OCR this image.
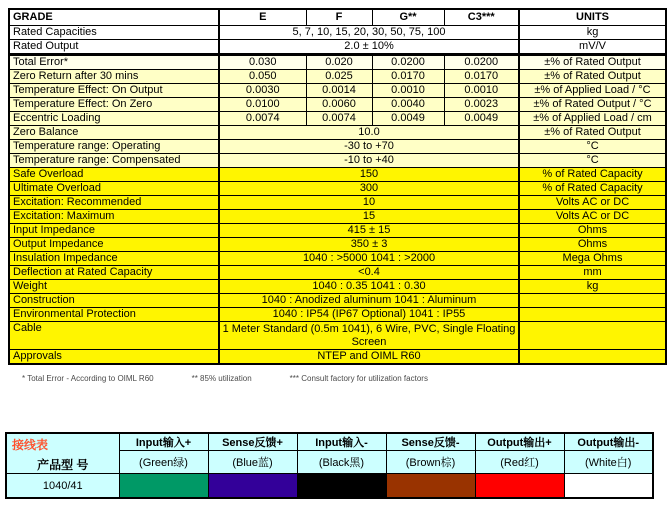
GRADE	E	F	G**	C3***	UNITS
Rated Capacities	5, 7, 10, 15, 20, 30, 50, 75, 100				kg
Rated Output	2.0 ± 10%				mV/V
Total Error*	0.030	0.020	0.0200	0.0200	±% of Rated Output
Zero Return after 30 mins	0.050	0.025	0.0170	0.0170	±% of Rated Output
Temperature Effect: On Output	0.0030	0.0014	0.0010	0.0010	±% of Applied Load / °C
Temperature Effect: On Zero	0.0100	0.0060	0.0040	0.0023	±% of Rated Output / °C
Eccentric Loading	0.0074	0.0074	0.0049	0.0049	±% of Applied Load / cm
Zero Balance	10.0				±% of Rated Output
Temperature range: Operating	-30 to +70				°C
Temperature range: Compensated	-10 to +40				°C
Safe Overload	150				% of Rated Capacity
Ultimate Overload	300				% of Rated Capacity
Excitation: Recommended	10				Volts AC or DC
Excitation: Maximum	15				Volts AC or DC
Input Impedance	415 ± 15				Ohms
Output Impedance	350 ± 3				Ohms
Insulation Impedance	1040 : >5000 1041 : >2000				Mega Ohms
Deflection at Rated Capacity	<0.4				mm
Weight	1040 : 0.35 1041 : 0.30				kg
Construction	1040 : Anodized aluminum 1041 : Aluminum				
Environmental Protection	1040 : IP54 (IP67 Optional) 1041 : IP55				
Cable	1 Meter Standard (0.5m 1041), 6 Wire, PVC, Single Floating Screen				
Approvals	NTEP and OIML R60				
* Total Error - According to OIML R60	** 85% utilization	*** Consult factory for utilization factors
接线表
产品型 号	Input输入+	Sense反馈+	Input输入-	Sense反馈-	Output输出+	Output输出-
	(Green绿)	(Blue蓝)	(Black黑)	(Brown棕)	(Red红)	(White白)
1040/41						
